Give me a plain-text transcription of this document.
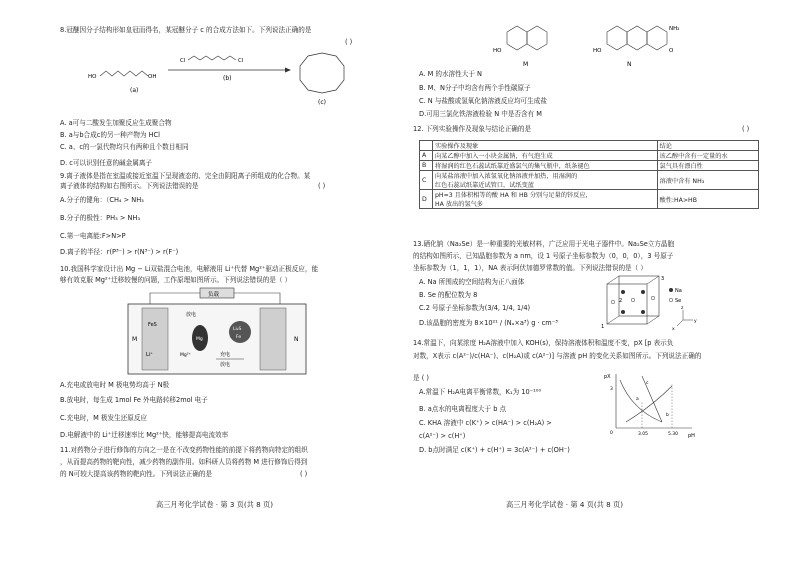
8.冠醚因分子结构形如皇冠而得名，某冠醚分子 c 的合成方法如下。下列说法正确的是
( )
HO	OH
(a)
Cl	Cl
(b)
(c)
A. a可与二酸发生加聚反应生成聚合物
B. a与b合成c的另一种产物为 HCl
C. a、c的一氯代物均只有两种且个数目相同
D. c可以识别任意的碱金属离子
9.离子液体是指在室温或接近室温下呈现液态的、完全由阴阳离子所组成的化合物。某
离子液体的结构如右图所示。下列说法错误的是	( )
A.分子的键角：（CH₄ > NH₃
B.分子的极性：PH₃ > NH₃
C.第一电离能:F>N>P
D.离子的半径：r(P³⁻) > r(N³⁻) > r(F⁻)
10.我国科学家设计出 Mg − Li双盐混合电池，电解液用 Li⁺代替 Mg²⁺驱动正极反应，能
够有效克服 Mg²⁺迁移较慢的问题，工作原理如图所示。下列说法错误的是（ ）
负载
M	N
FeS
Li⁺
放电
Mg
Li₂S
Fe
Mg²⁺	充电
放电
A.充电或放电时 M 极电势均高于 N极
B.放电时，每生成 1mol Fe 外电路转移2mol 电子
C.充电时，M 极发生还原反应
D.电解液中的 Li⁺迁移速率比 Mg²⁺快，能够提高电流效率
11.对药物分子进行修饰的方向之一是在不改变药物性能的前提下将药物向特定的组织
，从而提高药物的靶向性，减少药物的副作用。如科研人员将药物 M 进行修饰后得到
的 N可较大提高该药物的靶向性。下列说法正确的是	( )
高三月考化学试卷 · 第 3 页(共 8 页)
HO
M
NH₂
HO	O
N
A. M 的水溶性大于 N
B. M、N分子中均含有两个手性碳原子
C. N 与盐酸或氢氧化钠溶液反应均可生成盐
D.可用三氯化铁溶液检验 N 中是否含有 M
12. 下列实验操作及现象与结论正确的是	( )
	实验操作及现象	结论
A	向某乙醇中加入一小块金属钠，有气泡生成	该乙醇中含有一定量的水
B	将湿润的红色石蕊试纸靠近盛氯气的集气瓶中，纸条褪色	氯气具有漂白性
C	向某盐溶液中加入浓氢氧化钠溶液并加热，用湿润的
红色石蕊试纸靠近试管口，试纸变蓝	溶液中含有 NH₃
D	pH=3 且体积相等的酸 HA 和 HB 分别与足量的锌反应，
HA 放出的氢气多	酸性:HA>HB
13.硒化钠（Na₂Se）是一种重要的光敏材料，广泛应用于光电子器件中。Na₂Se立方晶胞
的结构如图所示，已知晶胞参数为 a nm，设 1 号原子坐标参数为（0，0，0），3 号原子
坐标参数为（1，1，1），NA 表示阿伏加德罗常数的值。下列说法错误的是（ ）
A. Na 所围成的空间结构为正八面体
B. Se 的配位数为 8
C.2 号原子坐标参数为(3/4, 1/4, 1/4)
D.该晶胞的密度为 8×10²¹ / (Nₐ×a³) g · cm⁻³	1
2
3
Na
Se
z
y
x
14.常温下，向某浓度 H₂A溶液中加入 KOH(s)，保持溶液体积和温度不变，pX [p 表示负
对数，X表示 c(A²⁻)/c(HA⁻)、c(H₂A)或 c(A²⁻)] 与溶液 pH 的变化关系如图所示。下列说法正确的
是 ( )
A.常温下 H₂A电离平衡常数，K₁为 10⁻¹⁰⁰
B. a点水的电离程度大于 b 点
C. KHA 溶液中 c(K⁺) > c(HA⁻) > c(H₂A) >
c(A²⁻) > c(H⁺)
D. b点时满足 c(K⁺) + c(H⁺) = 3c(A²⁻) + c(OH⁻)
pX
pH
0
3
3.05	5.30
a
b
c
高三月考化学试卷 · 第 4 页(共 8 页)
